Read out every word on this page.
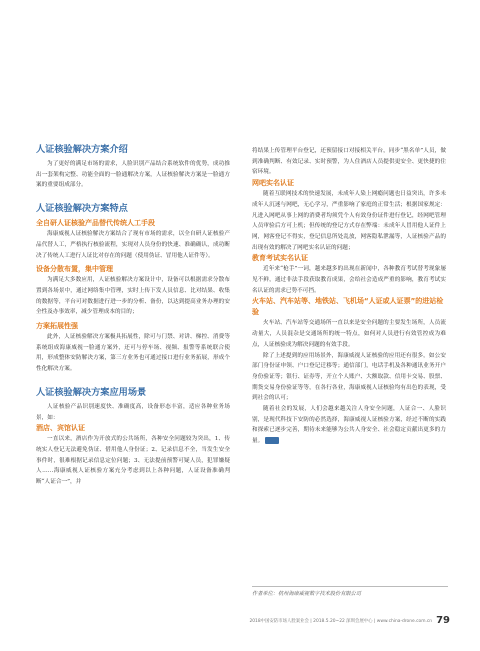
人证核验解决方案介绍

为了更好的满足市场的需求，人脸识别产品结合系统软件的优势，成功推出一套架构完整、功能全面的一脸通解决方案，人证核验解决方案是一脸通方案的重要组成部分。

人证核验解决方案特点
全自研人证核验产品替代传统人工手段

海康威视人证核验解决方案结合了现有市场的需求，以全自研人证核验产品代替人工，严格执行核验流程，实现对人员身份的快速、准确确认，成功断决了传统人工进行人证比对存在的问题（使用伪证、冒用他人证件等）。

设备分散布置，集中管理

为满足大多数应用，人证核验解决方案设计中，设备可以根据需求分散布置到各场景中，通过网络集中管理，实时上传下发人员信息、比对结果、收集的数据等，平台可对数据进行进一步的分析、备份，以达到提高业务办理的安全性及办事效率，减少管理成本的目的；

方案拓展性强

此外，人证核验解决方案极具拓展性，除可与门禁、对讲、梯控、消费等系统组成海康威视一脸通方案外，还可与停车场、视频、报警等系统联合使用，形成整体安防解决方案，第三方业务也可通过接口进行业务拓展，形成个性化解决方案。

人证核验解决方案应用场景

人证核验产品识别速度快、准确度高，设备形态丰富，适应各种业务场景，如：

酒店、宾馆认证

一直以来，酒店作为开放式的公共场所，各种安全问题较为突出，1、传统实人登记无法避免伪证、借用他人身份证；2、记录信息不全，当发生安全事件时，很难根据记录信息定位问题；3、无法提前预警可疑人员，犯罪嫌疑人……海康威视人证核验方案充分考虑到以上各种问题，人证设备准确判断“人证合一”，并

将结果上传管理平台登记，还预留接口对接相关平台，同步“黑名单”人员，做到准确判断、有效记录、实时预警，为人住酒店人员提供更安全、更快捷的住宿环境。

网吧实名认证

随着互联网技术的快速发展，未成年人染上网瘾问题也日益突出，许多未成年人沉迷与网吧，无心学习，严重影响了家庭的正常生活；根据国家规定：凡进入网吧从事上网的消费者均须凭个人有效身份证件进行登记，经网吧管理人员审验后方可上机；但传统的登记方式存在弊端：未成年人冒用他人证件上网，网客登记不得实，登记信息所处乱放，网客隐私泄漏等，人证核验产品的出现有效的解决了网吧实名认证的问题；

教育考试实名认证

近年来“枪手”一词，越来越多的出现在新闻中，各种教育考试替考现象屡见不鲜，通过非法手段获取教育成果，会给社会造成严重的影响，教育考试实名认证的需求已势不可挡。

火车站、汽车站等、地铁站、飞机场“人证或人证票”的进站检验

火车站、汽车站等交通场所一直以来是安全问题的主要发生场所，人员流动量大，人员混杂是交通场所的统一特点，如何对人员进行有效管控成为难点，人证核验成为解决问题的有效手段。

除了上述提到的应用场景外，海康威视人证核验的应用还有很多，如公安部门身份证申领、户口登记迁移等；通信部门，电话手机及各种通讯业务开户身份验证等；银行、证券等，开立个人账户、大额取款、信用卡交易、股票、期货交易身份验证等等，在各行各业，海康威视人证核验均有出色的表现，受到社会的认可；

随着社会的发展，人们会越来越关注人身安全问题，人证合一、人脸识别，是现代科技下安防的必然选择，海康威视人证核验方案，经过不断的实践和探索已逐步完善，期待未来能够为公共人身安全、社会稳定贡献出更多的力量。

作者单位：杭州海康威视数字技术股份有限公司
2018中国安防市场人脸案业会 | 2018.5.20~22 深圳会展中心 | www.china-drone.com.cn 79
